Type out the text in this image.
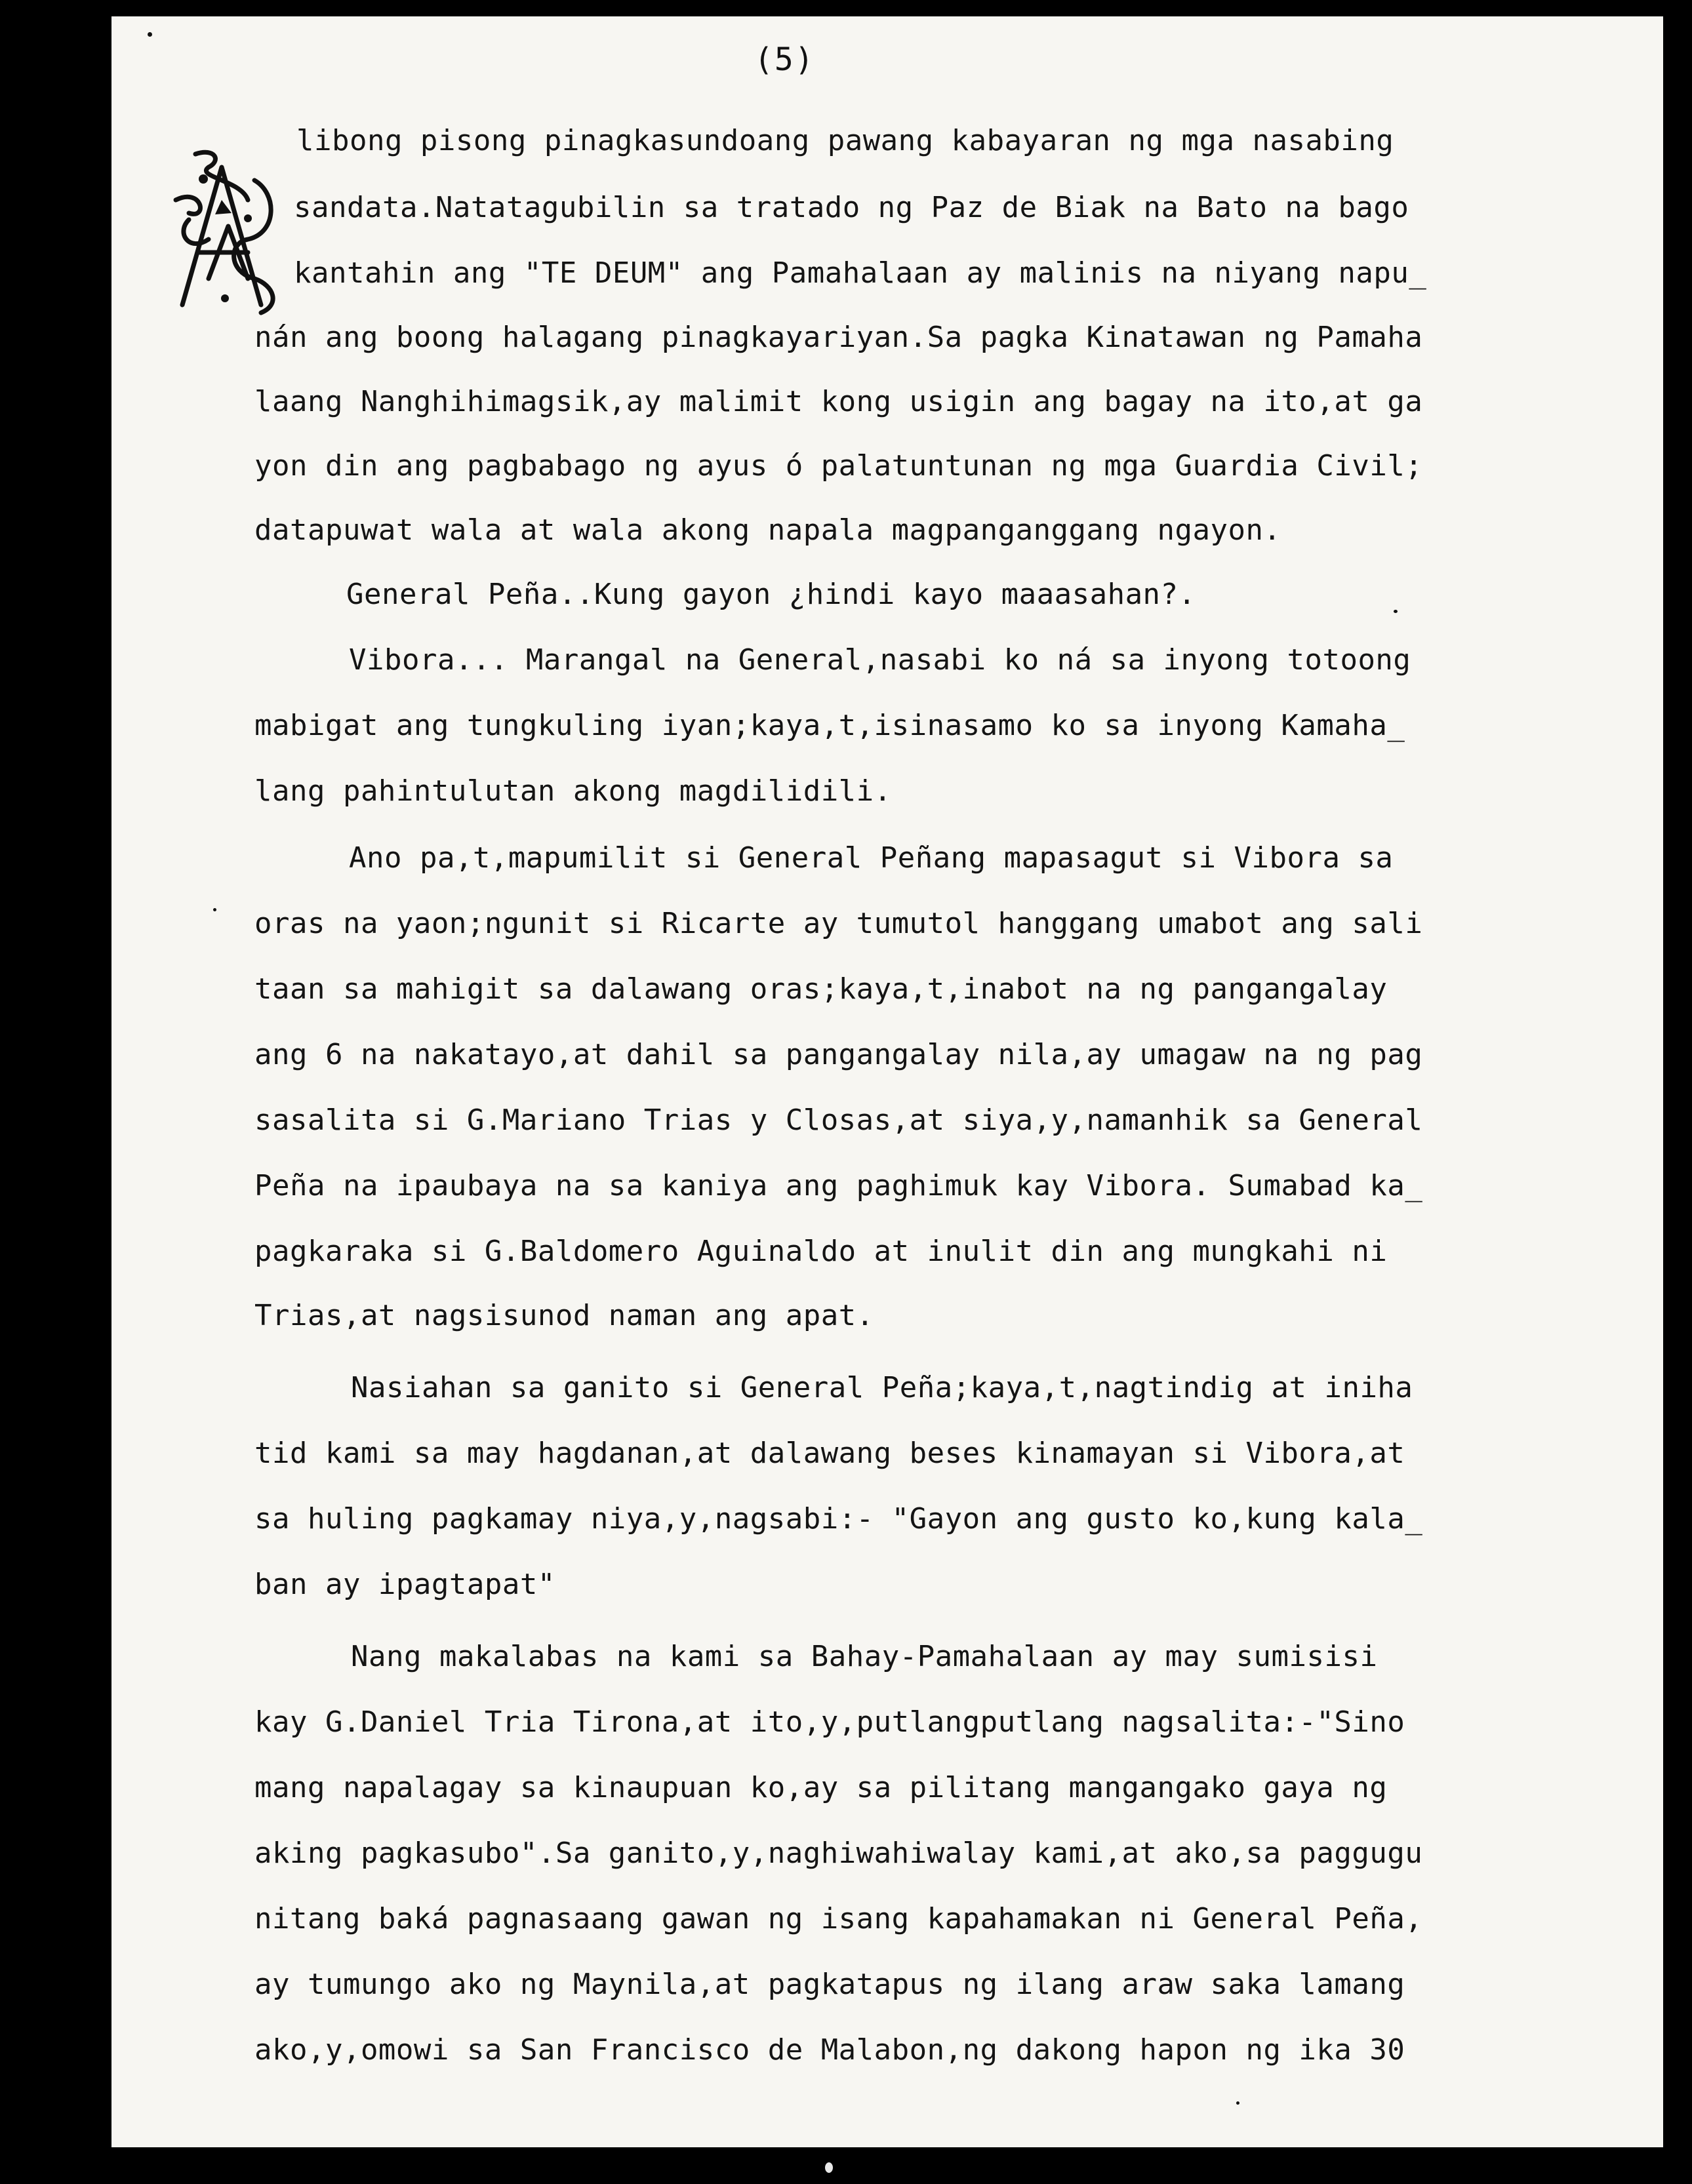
(5)

libong pisong pinagkasundoang pawang kabayaran ng mga nasabing

sandata.Natatagubilin sa tratado ng Paz de Biak na Bato na bago

kantahin ang "TE DEUM" ang Pamahalaan ay malinis na niyang napu_

nán ang boong halagang pinagkayariyan.Sa pagka Kinatawan ng Pamaha

laang Nanghihimagsik,ay malimit kong usigin ang bagay na ito,at ga

yon din ang pagbabago ng ayus ó palatuntunan ng mga Guardia Civil;

datapuwat wala at wala akong napala magpanganggang ngayon.

General Peña..Kung gayon ¿hindi kayo maaasahan?.

Vibora... Marangal na General,nasabi ko ná sa inyong totoong

mabigat ang tungkuling iyan;kaya,t,isinasamo ko sa inyong Kamaha_

lang pahintulutan akong magdilidili.

Ano pa,t,mapumilit si General Peñang mapasagut si Vibora sa

oras na yaon;ngunit si Ricarte ay tumutol hanggang umabot ang sali

taan sa mahigit sa dalawang oras;kaya,t,inabot na ng pangangalay

ang 6 na nakatayo,at dahil sa pangangalay nila,ay umagaw na ng pag

sasalita si G.Mariano Trias y Closas,at siya,y,namanhik sa General

Peña na ipaubaya na sa kaniya ang paghimuk kay Vibora. Sumabad ka_

pagkaraka si G.Baldomero Aguinaldo at inulit din ang mungkahi ni

Trias,at nagsisunod naman ang apat.

Nasiahan sa ganito si General Peña;kaya,t,nagtindig at iniha

tid kami sa may hagdanan,at dalawang beses kinamayan si Vibora,at

sa huling pagkamay niya,y,nagsabi:- "Gayon ang gusto ko,kung kala_

ban ay ipagtapat"

Nang makalabas na kami sa Bahay-Pamahalaan ay may sumisisi

kay G.Daniel Tria Tirona,at ito,y,putlangputlang nagsalita:-"Sino

mang napalagay sa kinaupuan ko,ay sa pilitang mangangako gaya ng

aking pagkasubo".Sa ganito,y,naghiwahiwalay kami,at ako,sa paggugu

nitang baká pagnasaang gawan ng isang kapahamakan ni General Peña,

ay tumungo ako ng Maynila,at pagkatapus ng ilang araw saka lamang

ako,y,omowi sa San Francisco de Malabon,ng dakong hapon ng ika 30
